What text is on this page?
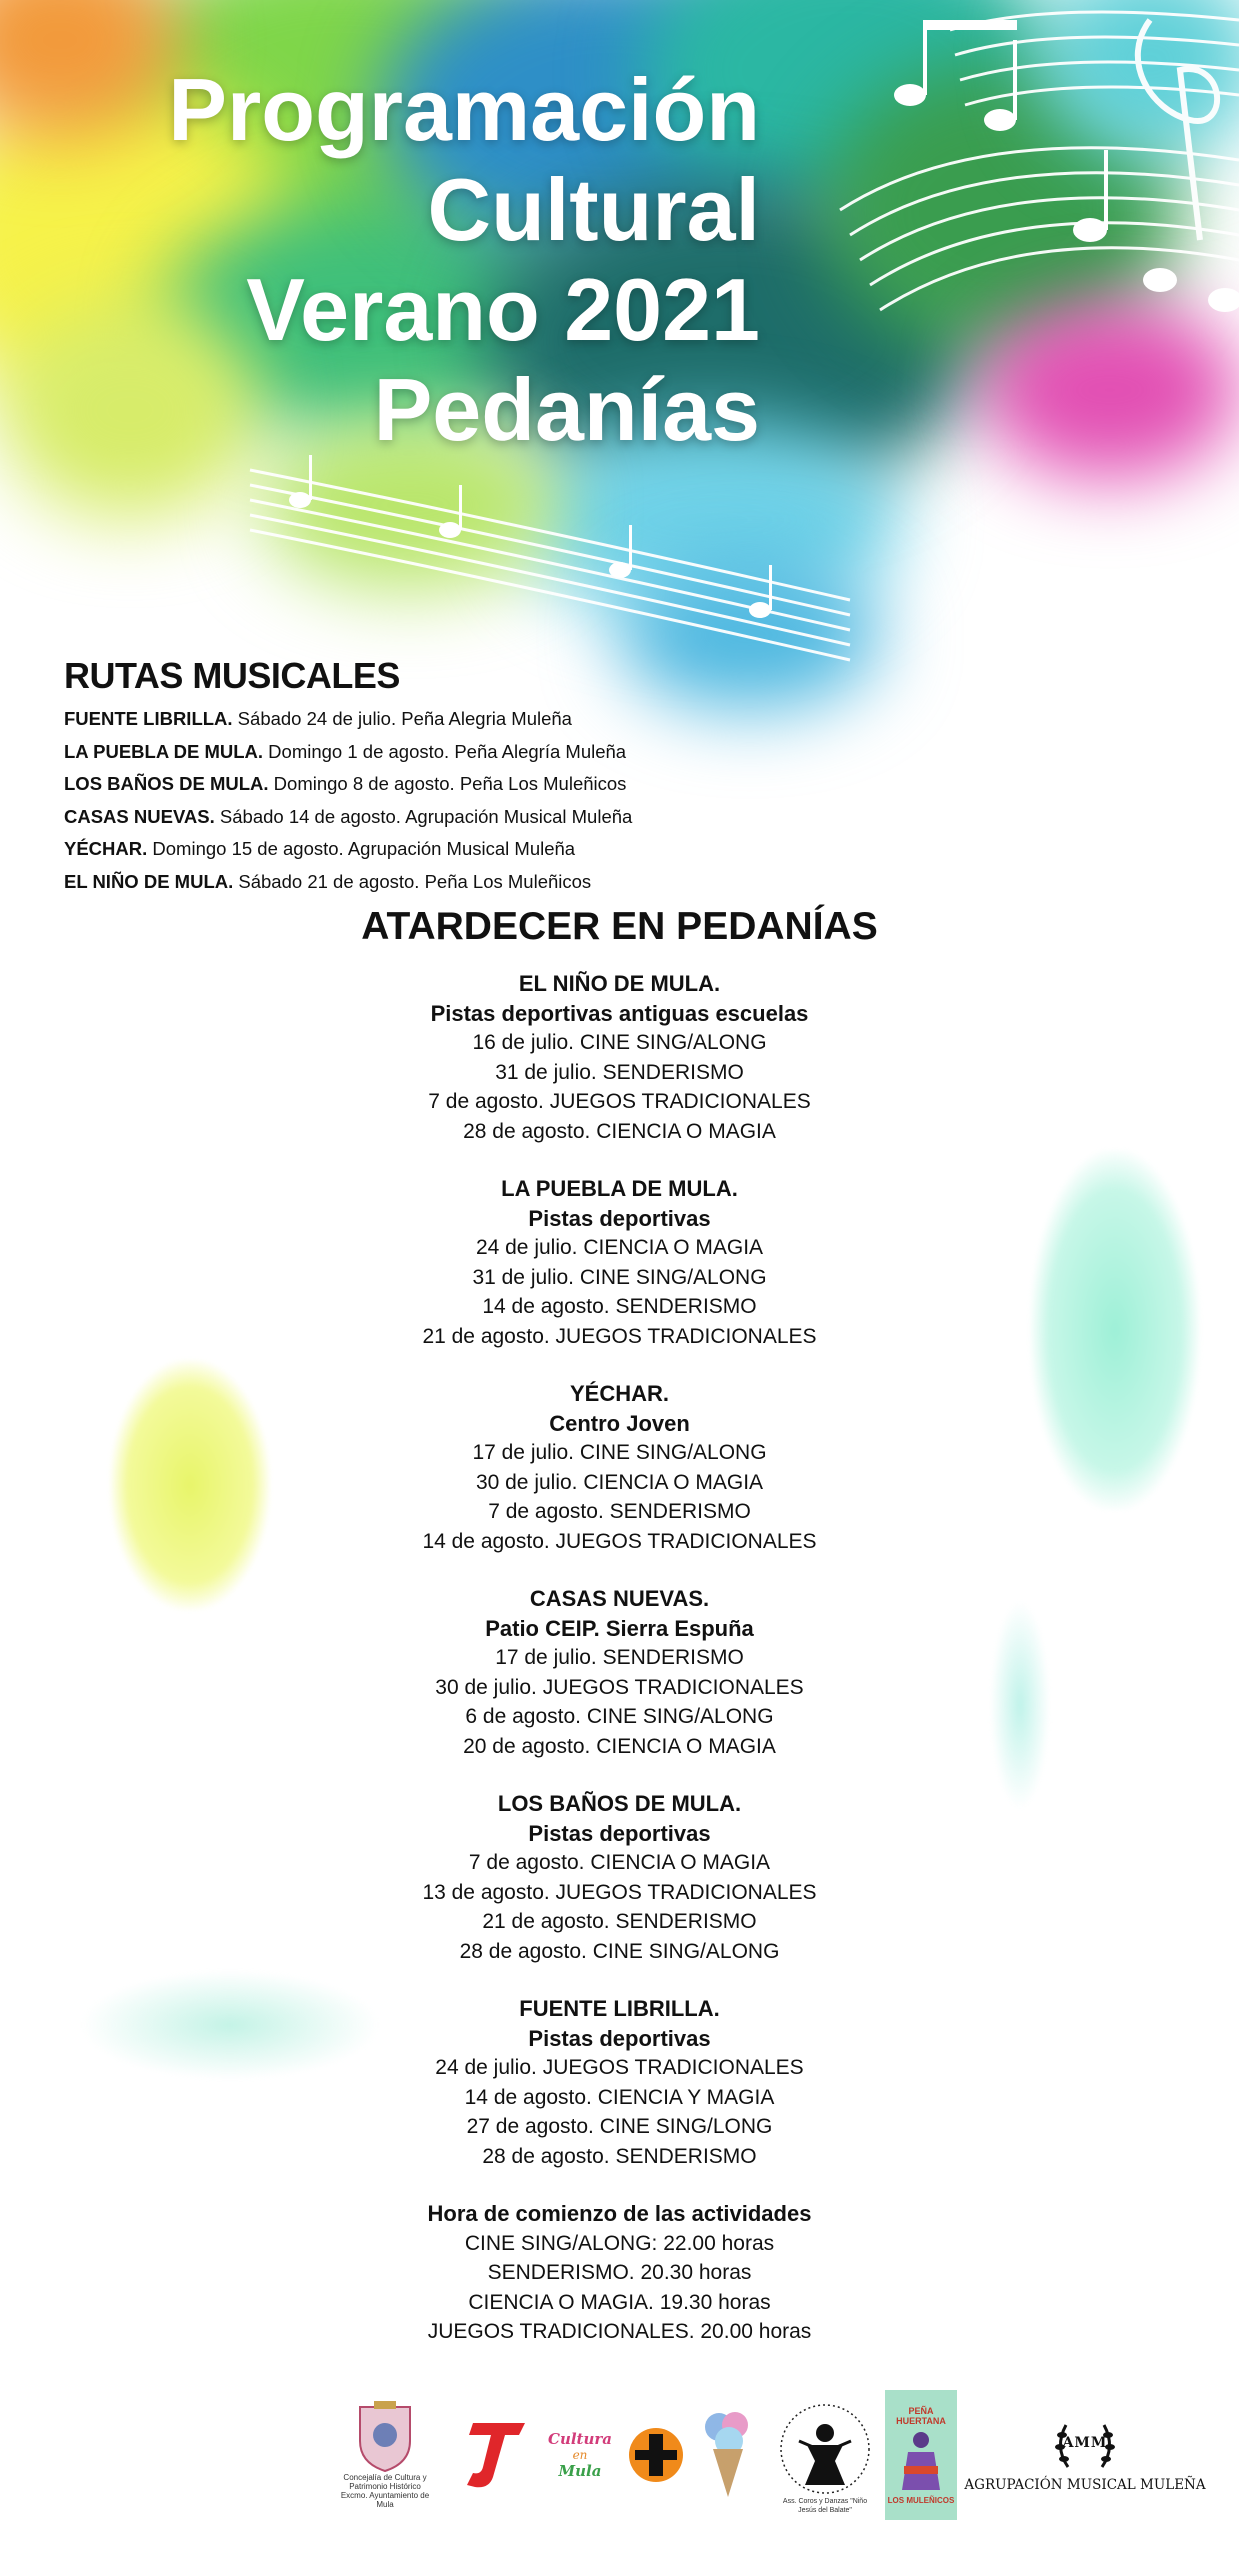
Programación
Cultural
Verano 2021
Pedanías
RUTAS MUSICALES
FUENTE LIBRILLA. Sábado 24 de julio. Peña Alegria Muleña
LA PUEBLA DE MULA. Domingo 1 de agosto. Peña Alegría Muleña
LOS BAÑOS DE MULA. Domingo 8 de agosto. Peña Los Muleñicos
CASAS NUEVAS. Sábado 14 de agosto. Agrupación Musical Muleña
YÉCHAR. Domingo 15 de agosto. Agrupación Musical Muleña
EL NIÑO DE MULA. Sábado 21 de agosto. Peña Los Muleñicos
ATARDECER EN PEDANÍAS
EL NIÑO DE MULA.
Pistas deportivas antiguas escuelas
16 de julio. CINE SING/ALONG
31 de julio. SENDERISMO
7 de agosto. JUEGOS TRADICIONALES
28 de agosto. CIENCIA O MAGIA
LA PUEBLA DE MULA.
Pistas deportivas
24 de julio. CIENCIA O MAGIA
31 de julio. CINE SING/ALONG
14 de agosto. SENDERISMO
21 de agosto. JUEGOS TRADICIONALES
YÉCHAR.
Centro Joven
17 de julio. CINE SING/ALONG
30 de julio. CIENCIA O MAGIA
7 de agosto. SENDERISMO
14 de agosto. JUEGOS TRADICIONALES
CASAS NUEVAS.
Patio CEIP. Sierra Espuña
17 de julio. SENDERISMO
30 de julio. JUEGOS TRADICIONALES
6 de agosto. CINE SING/ALONG
20 de agosto. CIENCIA O MAGIA
LOS BAÑOS DE MULA.
Pistas deportivas
7 de agosto. CIENCIA O MAGIA
13 de agosto. JUEGOS TRADICIONALES
21 de agosto. SENDERISMO
28 de agosto. CINE SING/ALONG
FUENTE LIBRILLA.
Pistas deportivas
24 de julio. JUEGOS TRADICIONALES
14 de agosto. CIENCIA Y MAGIA
27 de agosto. CINE SING/LONG
28 de agosto. SENDERISMO
Hora de comienzo de las actividades
CINE SING/ALONG: 22.00 horas
SENDERISMO. 20.30 horas
CIENCIA O MAGIA. 19.30 horas
JUEGOS TRADICIONALES. 20.00 horas
Concejalía de Cultura y
Patrimonio Histórico
Excmo. Ayuntamiento de Mula
Cultura
en
Mula
Ass. Coros y Danzas "Niño Jesús del Balate"
PEÑA HUERTANA
LOS MULEÑICOS
AMM
AGRUPACIÓN MUSICAL MULEÑA
